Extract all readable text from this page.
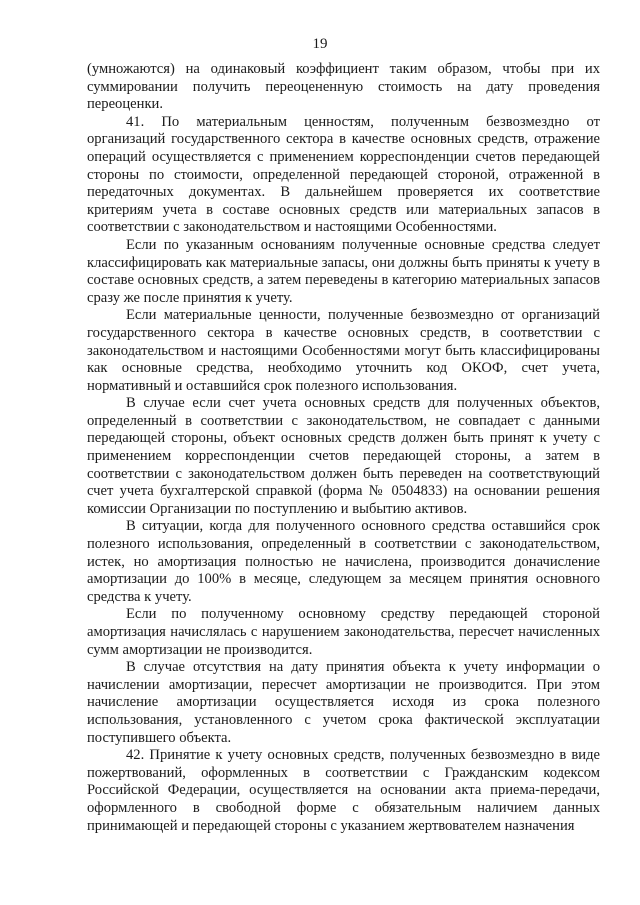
19

(умножаются) на одинаковый коэффициент таким образом, чтобы при их суммировании получить переоцененную стоимость на дату проведения переоценки.

41. По материальным ценностям, полученным безвозмездно от организаций государственного сектора в качестве основных средств, отражение операций осуществляется с применением корреспонденции счетов передающей стороны по стоимости, определенной передающей стороной, отраженной в передаточных документах. В дальнейшем проверяется их соответствие критериям учета в составе основных средств или материальных запасов в соответствии с законодательством и настоящими Особенностями.

Если по указанным основаниям полученные основные средства следует классифицировать как материальные запасы, они должны быть приняты к учету в составе основных средств, а затем переведены в категорию материальных запасов сразу же после принятия к учету.

Если материальные ценности, полученные безвозмездно от организаций государственного сектора в качестве основных средств, в соответствии с законодательством и настоящими Особенностями могут быть классифицированы как основные средства, необходимо уточнить код ОКОФ, счет учета, нормативный и оставшийся срок полезного использования.

В случае если счет учета основных средств для полученных объектов, определенный в соответствии с законодательством, не совпадает с данными передающей стороны, объект основных средств должен быть принят к учету с применением корреспонденции счетов передающей стороны, а затем в соответствии с законодательством должен быть переведен на соответствующий счет учета бухгалтерской справкой (форма № 0504833) на основании решения комиссии Организации по поступлению и выбытию активов.

В ситуации, когда для полученного основного средства оставшийся срок полезного использования, определенный в соответствии с законодательством, истек, но амортизация полностью не начислена, производится доначисление амортизации до 100% в месяце, следующем за месяцем принятия основного средства к учету.

Если по полученному основному средству передающей стороной амортизация начислялась с нарушением законодательства, пересчет начисленных сумм амортизации не производится.

В случае отсутствия на дату принятия объекта к учету информации о начислении амортизации, пересчет амортизации не производится. При этом начисление амортизации осуществляется исходя из срока полезного использования, установленного с учетом срока фактической эксплуатации поступившего объекта.

42. Принятие к учету основных средств, полученных безвозмездно в виде пожертвований, оформленных в соответствии с Гражданским кодексом Российской Федерации, осуществляется на основании акта приема-передачи, оформленного в свободной форме с обязательным наличием данных принимающей и передающей стороны с указанием жертвователем назначения
